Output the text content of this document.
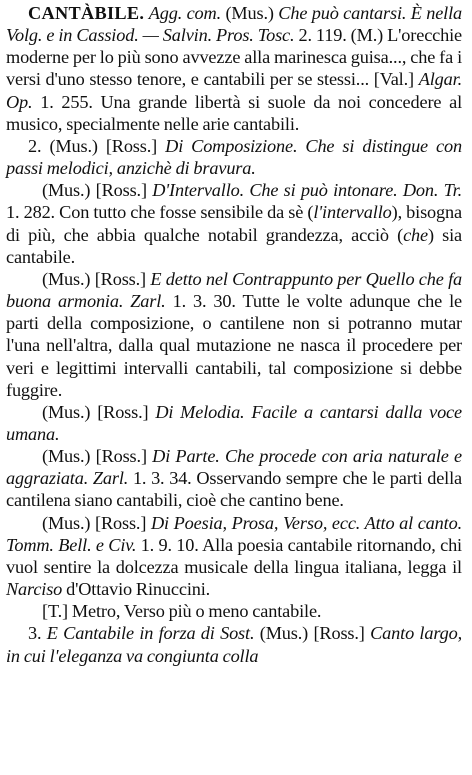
CANTÀBILE. Agg. com. (Mus.) Che può cantarsi. È nella Volg. e in Cassiod. — Salvin. Pros. Tosc. 2. 119. (M.) L'orecchie moderne per lo più sono avvezze alla marinesca guisa..., che fa i versi d'uno stesso tenore, e cantabili per se stessi... [Val.] Algar. Op. 1. 255. Una grande libertà si suole da noi concedere al musico, specialmente nelle arie cantabili.

2. (Mus.) [Ross.] Di Composizione. Che si distingue con passi melodici, anzichè di bravura.

(Mus.) [Ross.] D'Intervallo. Che si può intonare. Don. Tr. 1. 282. Con tutto che fosse sensibile da sè (l'intervallo), bisogna di più, che abbia qualche notabil grandezza, acciò (che) sia cantabile.

(Mus.) [Ross.] E detto nel Contrappunto per Quello che fa buona armonia. Zarl. 1. 3. 30. Tutte le volte adunque che le parti della composizione, o cantilene non si potranno mutar l'una nell'altra, dalla qual mutazione ne nasca il procedere per veri e legittimi intervalli cantabili, tal composizione si debbe fuggire.

(Mus.) [Ross.] Di Melodia. Facile a cantarsi dalla voce umana.

(Mus.) [Ross.] Di Parte. Che procede con aria naturale e aggraziata. Zarl. 1. 3. 34. Osservando sempre che le parti della cantilena siano cantabili, cioè che cantino bene.

(Mus.) [Ross.] Di Poesia, Prosa, Verso, ecc. Atto al canto. Tomm. Bell. e Civ. 1. 9. 10. Alla poesia cantabile ritornando, chi vuol sentire la dolcezza musicale della lingua italiana, legga il Narciso d'Ottavio Rinuccini.

[T.] Metro, Verso più o meno cantabile.

3. E Cantabile in forza di Sost. (Mus.) [Ross.] Canto largo, in cui l'eleganza va congiunta colla
